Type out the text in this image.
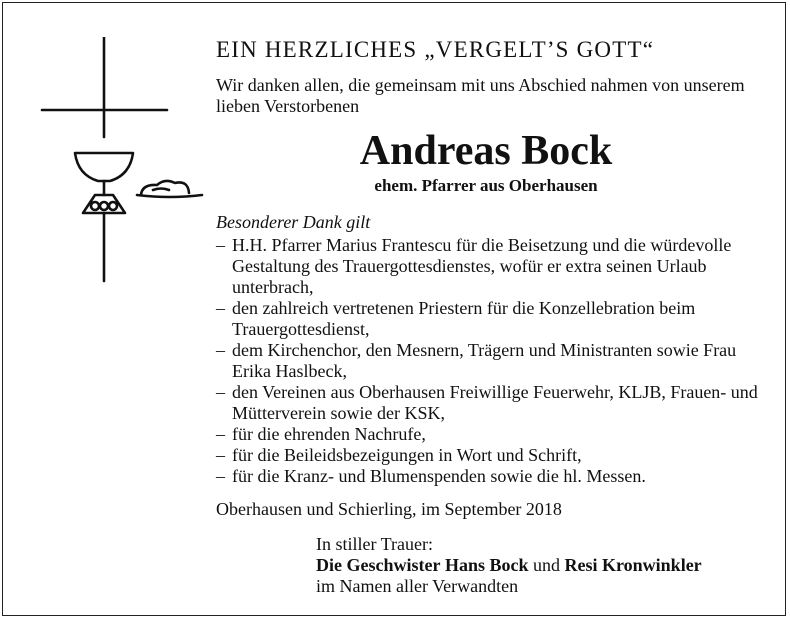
EIN HERZLICHES „VERGELT’S GOTT“
Wir danken allen, die gemeinsam mit uns Abschied nahmen von unserem lieben Verstorbenen
Andreas Bock
ehem. Pfarrer aus Oberhausen
Besonderer Dank gilt
– H.H. Pfarrer Marius Frantescu für die Beisetzung und die würdevolle Gestaltung des Trauergottesdienstes, wofür er extra seinen Urlaub unterbrach,
– den zahlreich vertretenen Priestern für die Konzellebration beim Trauergottesdienst,
– dem Kirchenchor, den Mesnern, Trägern und Ministranten sowie Frau Erika Haslbeck,
– den Vereinen aus Oberhausen Freiwillige Feuerwehr, KLJB, Frauen- und Mütterverein sowie der KSK,
– für die ehrenden Nachrufe,
– für die Beileidsbezeigungen in Wort und Schrift,
– für die Kranz- und Blumenspenden sowie die hl. Messen.
Oberhausen und Schierling, im September 2018
In stiller Trauer:
Die Geschwister Hans Bock und Resi Kronwinkler
im Namen aller Verwandten
